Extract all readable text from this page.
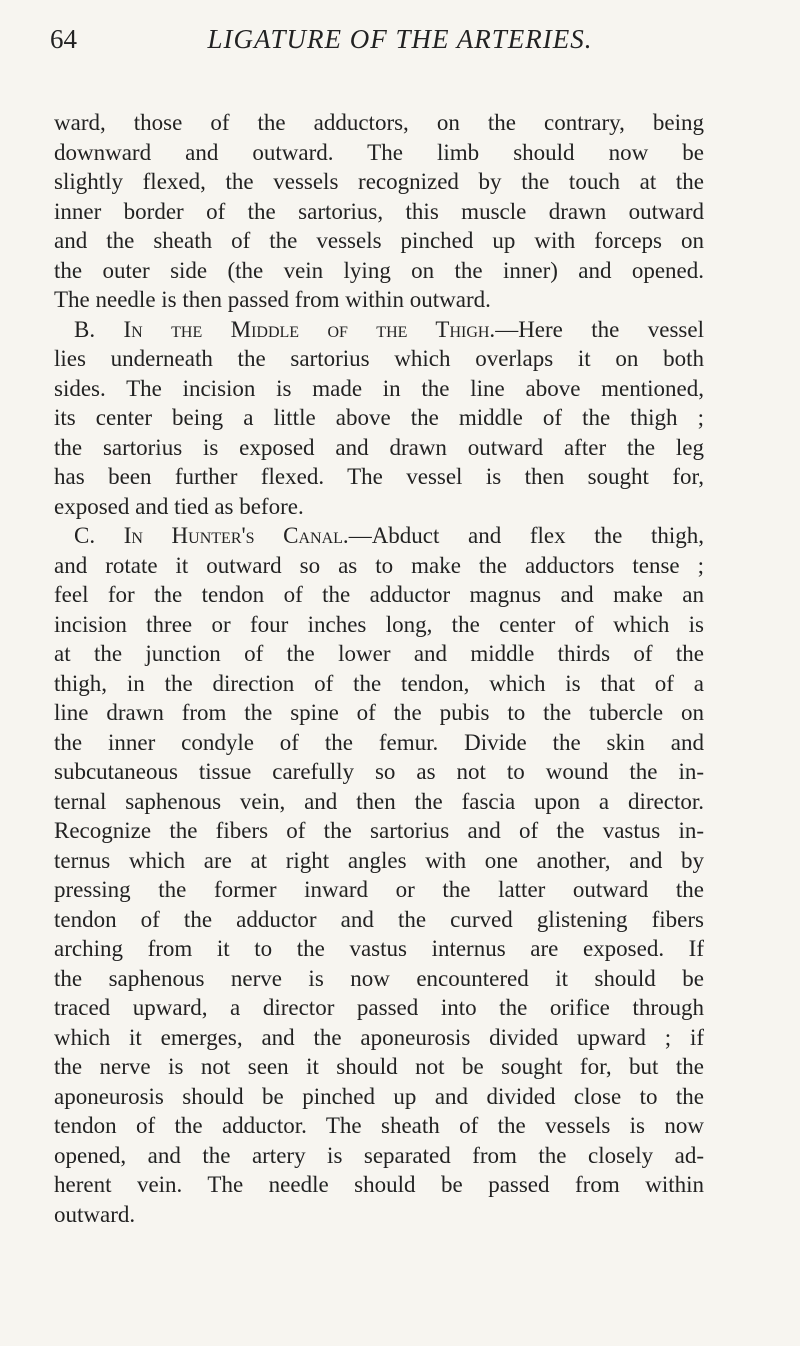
64	LIGATURE OF THE ARTERIES.
ward, those of the adductors, on the contrary, being
downward and outward. The limb should now be
slightly flexed, the vessels recognized by the touch at the
inner border of the sartorius, this muscle drawn outward
and the sheath of the vessels pinched up with forceps on
the outer side (the vein lying on the inner) and opened.
The needle is then passed from within outward.
B. In the Middle of the Thigh.—Here the vessel
lies underneath the sartorius which overlaps it on both
sides. The incision is made in the line above mentioned,
its center being a little above the middle of the thigh ;
the sartorius is exposed and drawn outward after the leg
has been further flexed. The vessel is then sought for,
exposed and tied as before.
C. In Hunter's Canal.—Abduct and flex the thigh,
and rotate it outward so as to make the adductors tense ;
feel for the tendon of the adductor magnus and make an
incision three or four inches long, the center of which is
at the junction of the lower and middle thirds of the
thigh, in the direction of the tendon, which is that of a
line drawn from the spine of the pubis to the tubercle on
the inner condyle of the femur. Divide the skin and
subcutaneous tissue carefully so as not to wound the in-
ternal saphenous vein, and then the fascia upon a director.
Recognize the fibers of the sartorius and of the vastus in-
ternus which are at right angles with one another, and by
pressing the former inward or the latter outward the
tendon of the adductor and the curved glistening fibers
arching from it to the vastus internus are exposed. If
the saphenous nerve is now encountered it should be
traced upward, a director passed into the orifice through
which it emerges, and the aponeurosis divided upward ; if
the nerve is not seen it should not be sought for, but the
aponeurosis should be pinched up and divided close to the
tendon of the adductor. The sheath of the vessels is now
opened, and the artery is separated from the closely ad-
herent vein. The needle should be passed from within
outward.
